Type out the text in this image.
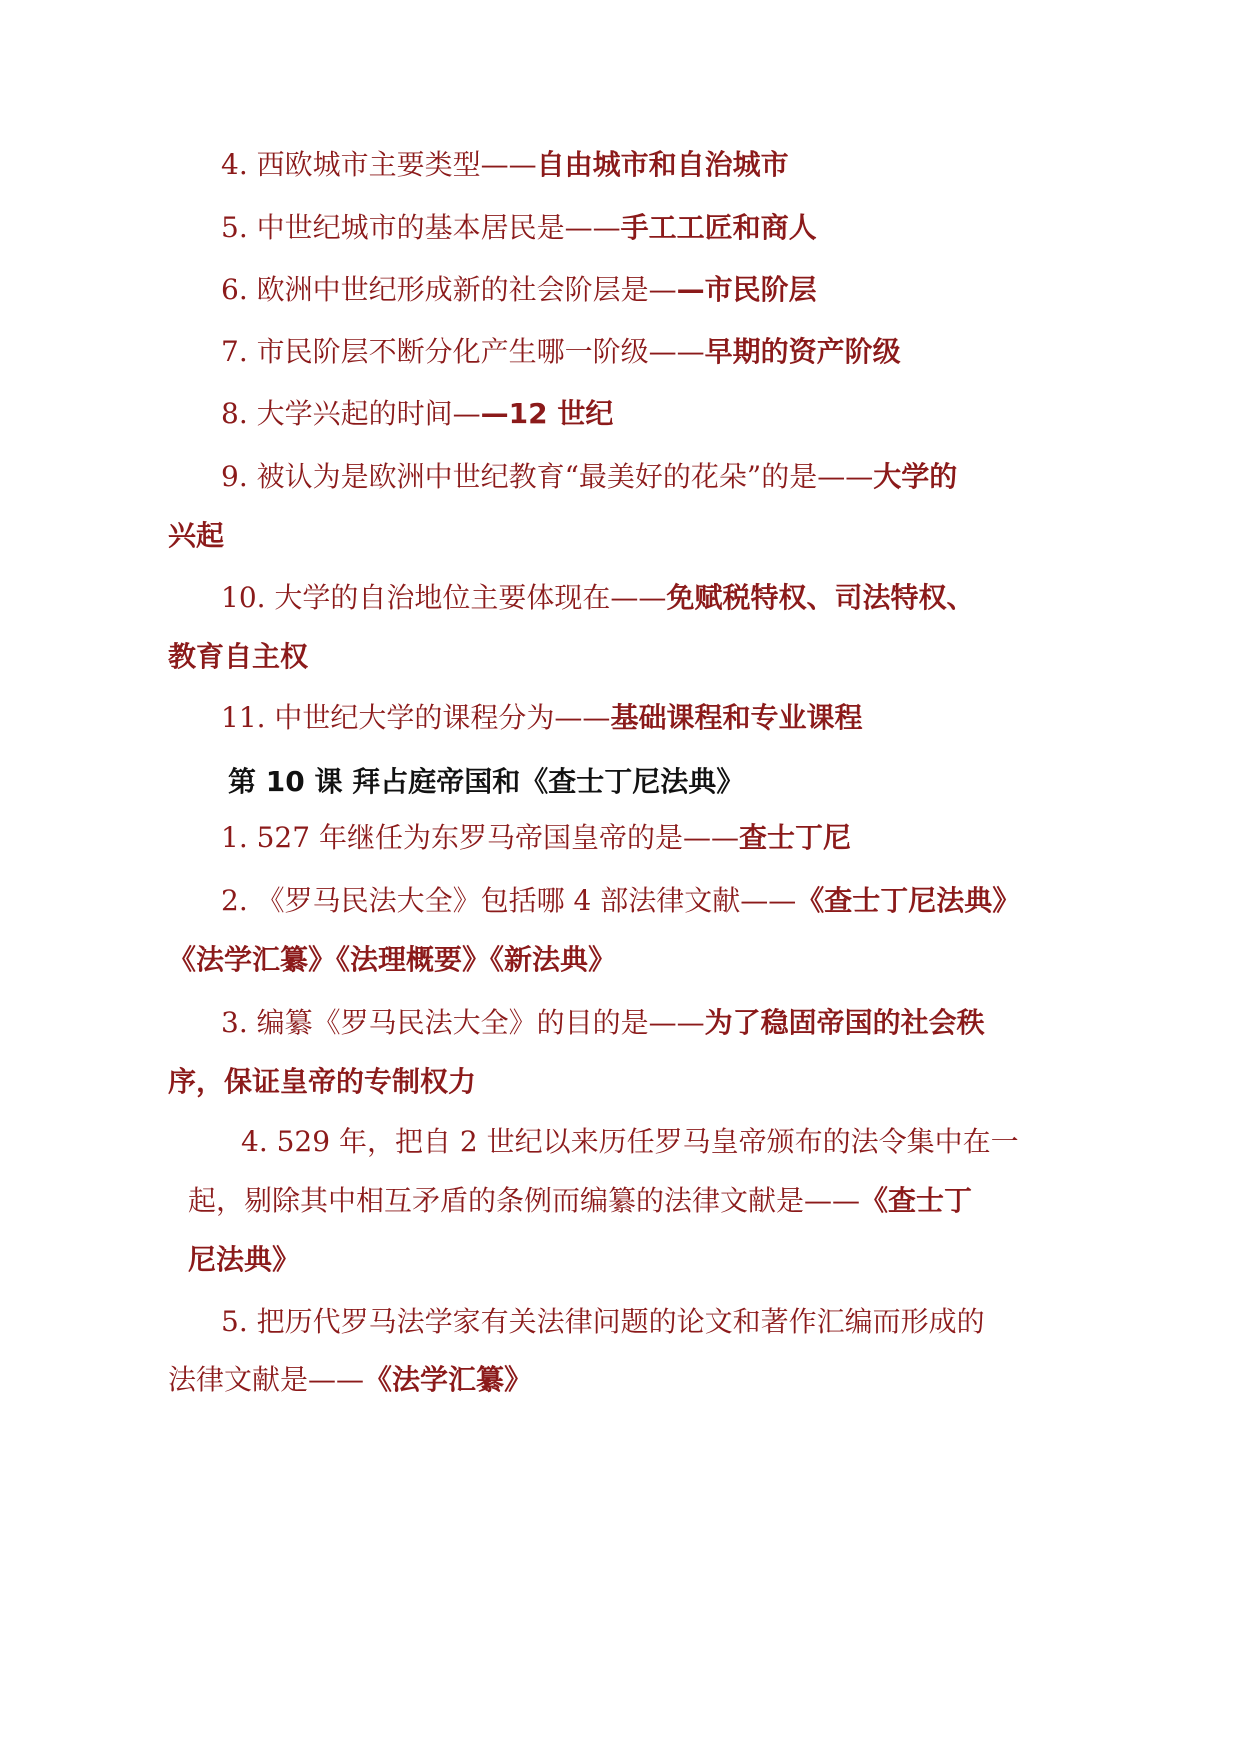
4. 西欧城市主要类型——自由城市和自治城市
5. 中世纪城市的基本居民是——手工工匠和商人
6. 欧洲中世纪形成新的社会阶层是——市民阶层
7. 市民阶层不断分化产生哪一阶级——早期的资产阶级
8. 大学兴起的时间——12 世纪
9. 被认为是欧洲中世纪教育“最美好的花朵”的是——大学的
兴起
10. 大学的自治地位主要体现在——免赋税特权、司法特权、
教育自主权
11. 中世纪大学的课程分为——基础课程和专业课程
第 10 课 拜占庭帝国和《查士丁尼法典》
1. 527 年继任为东罗马帝国皇帝的是——查士丁尼
2. 《罗马民法大全》包括哪 4 部法律文献——《查士丁尼法典》
《法学汇纂》《法理概要》《新法典》
3. 编纂《罗马民法大全》的目的是——为了稳固帝国的社会秩
序，保证皇帝的专制权力
4. 529 年，把自 2 世纪以来历任罗马皇帝颁布的法令集中在一
起，剔除其中相互矛盾的条例而编纂的法律文献是——《查士丁
尼法典》
5. 把历代罗马法学家有关法律问题的论文和著作汇编而形成的
法律文献是——《法学汇纂》
